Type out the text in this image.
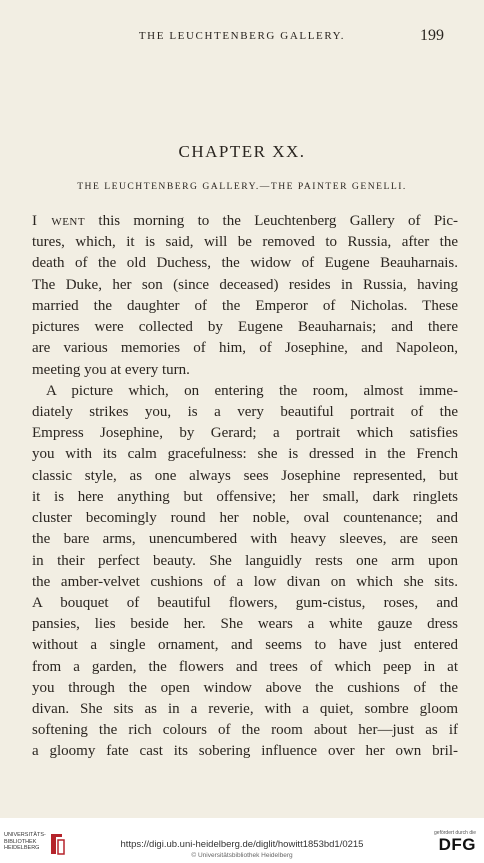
THE LEUCHTENBERG GALLERY.	199
CHAPTER XX.
THE LEUCHTENBERG GALLERY.—THE PAINTER GENELLI.
I went this morning to the Leuchtenberg Gallery of Pic-
tures, which, it is said, will be removed to Russia, after the
death of the old Duchess, the widow of Eugene Beauharnais.
The Duke, her son (since deceased) resides in Russia, having
married the daughter of the Emperor of Nicholas. These
pictures were collected by Eugene Beauharnais; and there
are various memories of him, of Josephine, and Napoleon,
meeting you at every turn.
A picture which, on entering the room, almost imme-
diately strikes you, is a very beautiful portrait of the
Empress Josephine, by Gerard; a portrait which satisfies
you with its calm gracefulness: she is dressed in the French
classic style, as one always sees Josephine represented, but
it is here anything but offensive; her small, dark ringlets
cluster becomingly round her noble, oval countenance; and
the bare arms, unencumbered with heavy sleeves, are seen
in their perfect beauty. She languidly rests one arm upon
the amber-velvet cushions of a low divan on which she sits.
A bouquet of beautiful flowers, gum-cistus, roses, and
pansies, lies beside her. She wears a white gauze dress
without a single ornament, and seems to have just entered
from a garden, the flowers and trees of which peep in at
you through the open window above the cushions of the
divan. She sits as in a reverie, with a quiet, sombre gloom
softening the rich colours of the room about her—just as if
a gloomy fate cast its sobering influence over her own bril-
UNIVERSITÄTS-
BIBLIOTHEK
HEIDELBERG	https://digi.ub.uni-heidelberg.de/diglit/howitt1853bd1/0215
© Universitätsbibliothek Heidelberg
gefördert durch die
DFG
